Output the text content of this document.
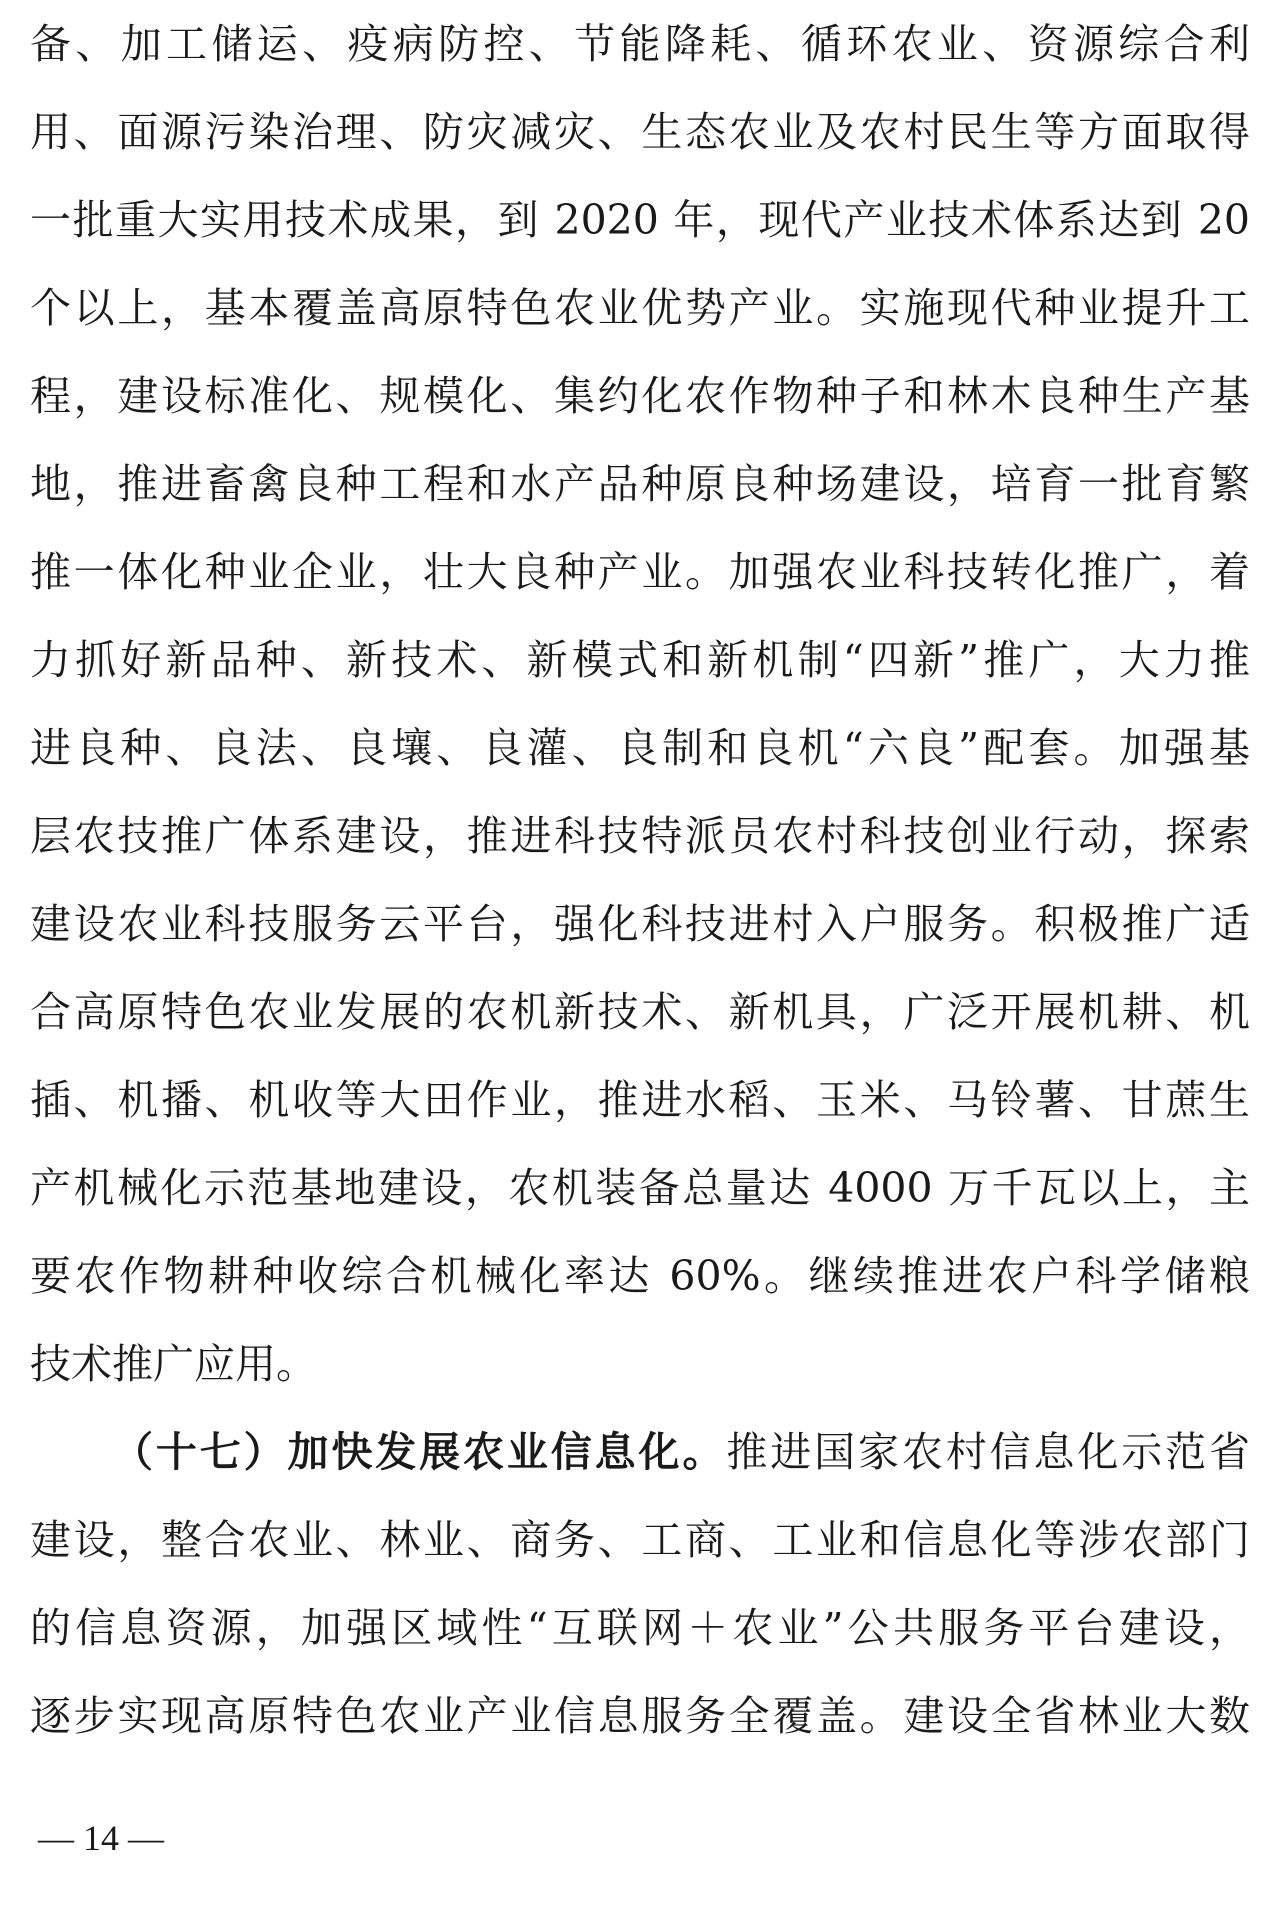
备、加工储运、疫病防控、节能降耗、循环农业、资源综合利
用、面源污染治理、防灾减灾、生态农业及农村民生等方面取得
一批重大实用技术成果，到 2020 年，现代产业技术体系达到 20
个以上，基本覆盖高原特色农业优势产业。实施现代种业提升工
程，建设标准化、规模化、集约化农作物种子和林木良种生产基
地，推进畜禽良种工程和水产品种原良种场建设，培育一批育繁
推一体化种业企业，壮大良种产业。加强农业科技转化推广，着
力抓好新品种、新技术、新模式和新机制“四新”推广，大力推
进良种、良法、良壤、良灌、良制和良机“六良”配套。加强基
层农技推广体系建设，推进科技特派员农村科技创业行动，探索
建设农业科技服务云平台，强化科技进村入户服务。积极推广适
合高原特色农业发展的农机新技术、新机具，广泛开展机耕、机
插、机播、机收等大田作业，推进水稻、玉米、马铃薯、甘蔗生
产机械化示范基地建设，农机装备总量达 4000 万千瓦以上，主
要农作物耕种收综合机械化率达 60%。继续推进农户科学储粮
技术推广应用。
（十七）加快发展农业信息化。推进国家农村信息化示范省
建设，整合农业、林业、商务、工商、工业和信息化等涉农部门
的信息资源，加强区域性“互联网＋农业”公共服务平台建设，
逐步实现高原特色农业产业信息服务全覆盖。建设全省林业大数
— 14 —
